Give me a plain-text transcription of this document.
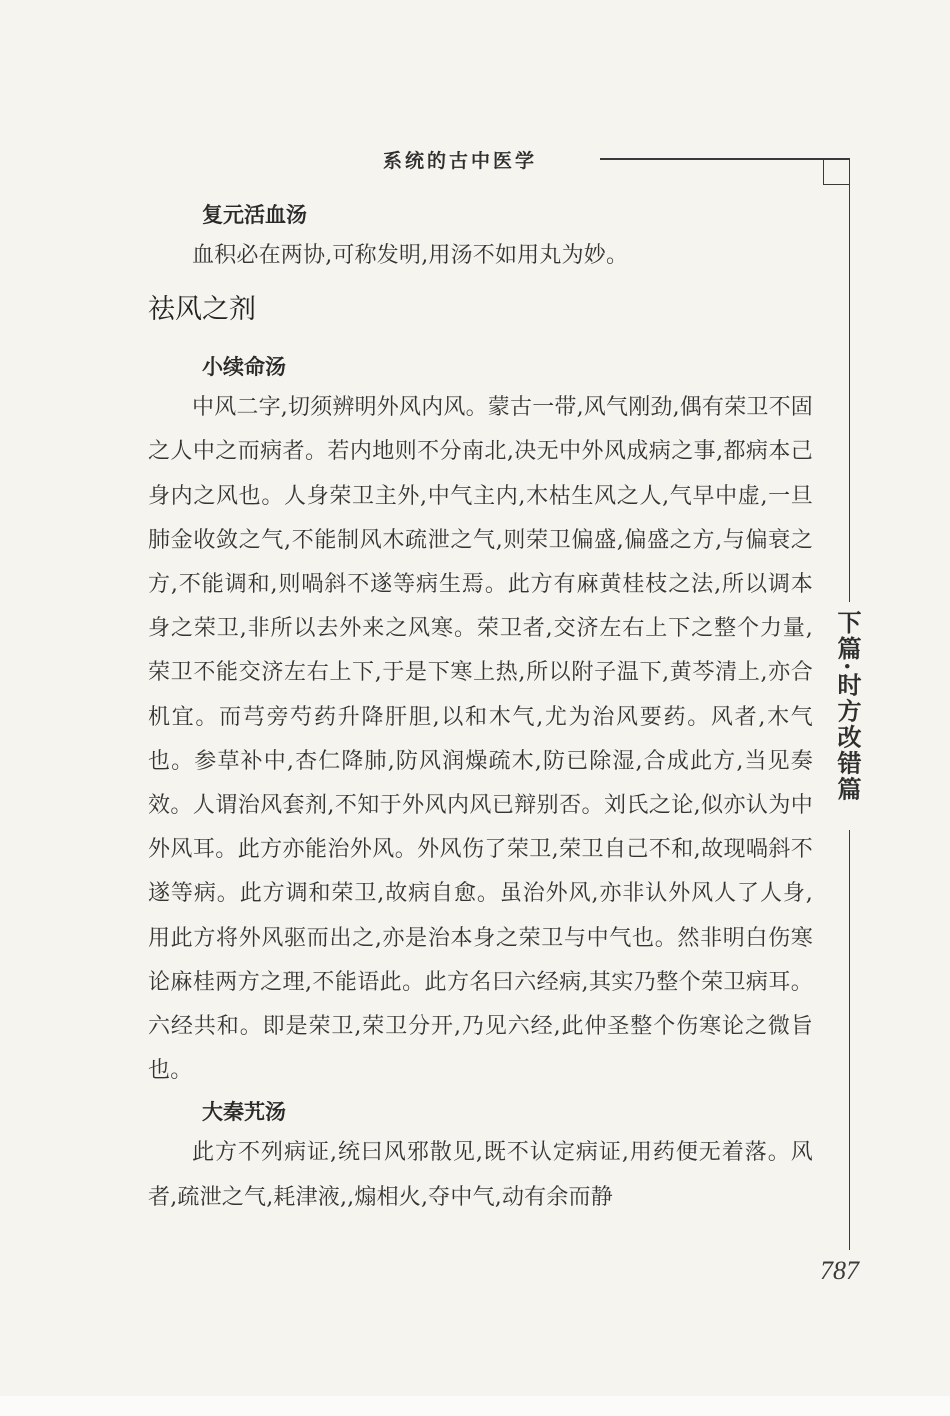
系统的古中医学
下篇·时方改错篇
复元活血汤

血积必在两协,可称发明,用汤不如用丸为妙。

祛风之剂
小续命汤

中风二字,切须辨明外风内风。蒙古一带,风气刚劲,偶有荣卫不固之人中之而病者。若内地则不分南北,决无中外风成病之事,都病本己身内之风也。人身荣卫主外,中气主内,木枯生风之人,气早中虚,一旦肺金收敛之气,不能制风木疏泄之气,则荣卫偏盛,偏盛之方,与偏衰之方,不能调和,则喎斜不遂等病生焉。此方有麻黄桂枝之法,所以调本身之荣卫,非所以去外来之风寒。荣卫者,交济左右上下之整个力量,荣卫不能交济左右上下,于是下寒上热,所以附子温下,黄芩清上,亦合机宜。而芎旁芍药升降肝胆,以和木气,尤为治风要药。风者,木气也。参草补中,杏仁降肺,防风润燥疏木,防已除湿,合成此方,当见奏效。人谓治风套剂,不知于外风内风已辩别否。刘氏之论,似亦认为中外风耳。此方亦能治外风。外风伤了荣卫,荣卫自己不和,故现喎斜不遂等病。此方调和荣卫,故病自愈。虽治外风,亦非认外风人了人身,用此方将外风驱而出之,亦是治本身之荣卫与中气也。然非明白伤寒论麻桂两方之理,不能语此。此方名曰六经病,其实乃整个荣卫病耳。六经共和。即是荣卫,荣卫分开,乃见六经,此仲圣整个伤寒论之微旨也。

大秦艽汤

此方不列病证,统曰风邪散见,既不认定病证,用药便无着落。风者,疏泄之气,耗津液,,煽相火,夺中气,动有余而静

787
